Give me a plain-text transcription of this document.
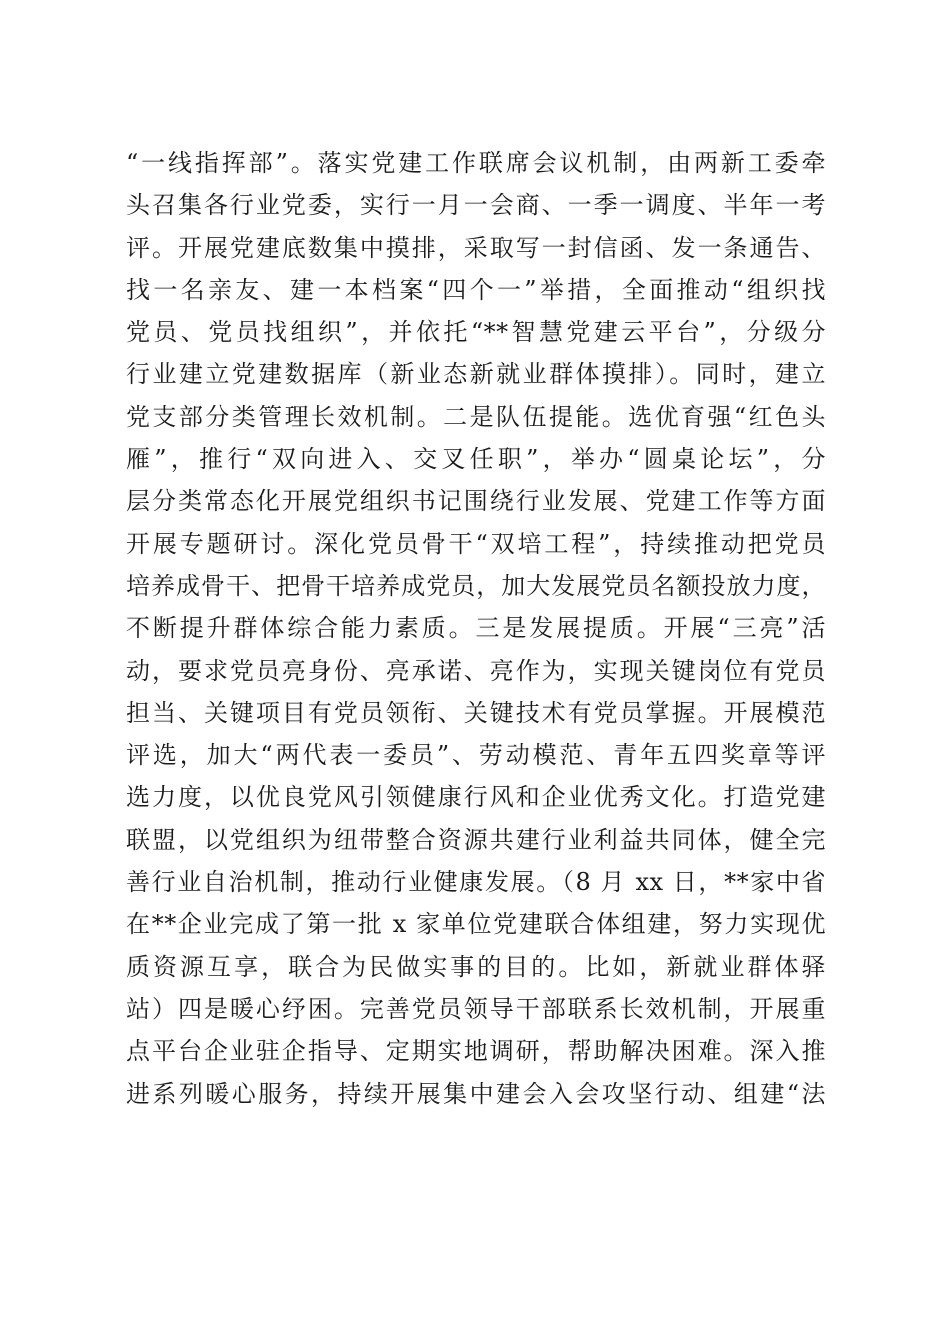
“一线指挥部”。落实党建工作联席会议机制，由两新工委牵
头召集各行业党委，实行一月一会商、一季一调度、半年一考
评。开展党建底数集中摸排，采取写一封信函、发一条通告、
找一名亲友、建一本档案“四个一”举措，全面推动“组织找
党员、党员找组织”，并依托“**智慧党建云平台”，分级分
行业建立党建数据库（新业态新就业群体摸排）。同时，建立
党支部分类管理长效机制。二是队伍提能。选优育强“红色头
雁”，推行“双向进入、交叉任职”，举办“圆桌论坛”，分
层分类常态化开展党组织书记围绕行业发展、党建工作等方面
开展专题研讨。深化党员骨干“双培工程”，持续推动把党员
培养成骨干、把骨干培养成党员，加大发展党员名额投放力度，
不断提升群体综合能力素质。三是发展提质。开展“三亮”活
动，要求党员亮身份、亮承诺、亮作为，实现关键岗位有党员
担当、关键项目有党员领衔、关键技术有党员掌握。开展模范
评选，加大“两代表一委员”、劳动模范、青年五四奖章等评
选力度，以优良党风引领健康行风和企业优秀文化。打造党建
联盟，以党组织为纽带整合资源共建行业利益共同体，健全完
善行业自治机制，推动行业健康发展。（8 月 xx 日，**家中省
在**企业完成了第一批 x 家单位党建联合体组建，努力实现优
质资源互享，联合为民做实事的目的。比如，新就业群体驿
站）四是暖心纾困。完善党员领导干部联系长效机制，开展重
点平台企业驻企指导、定期实地调研，帮助解决困难。深入推
进系列暖心服务，持续开展集中建会入会攻坚行动、组建“法
